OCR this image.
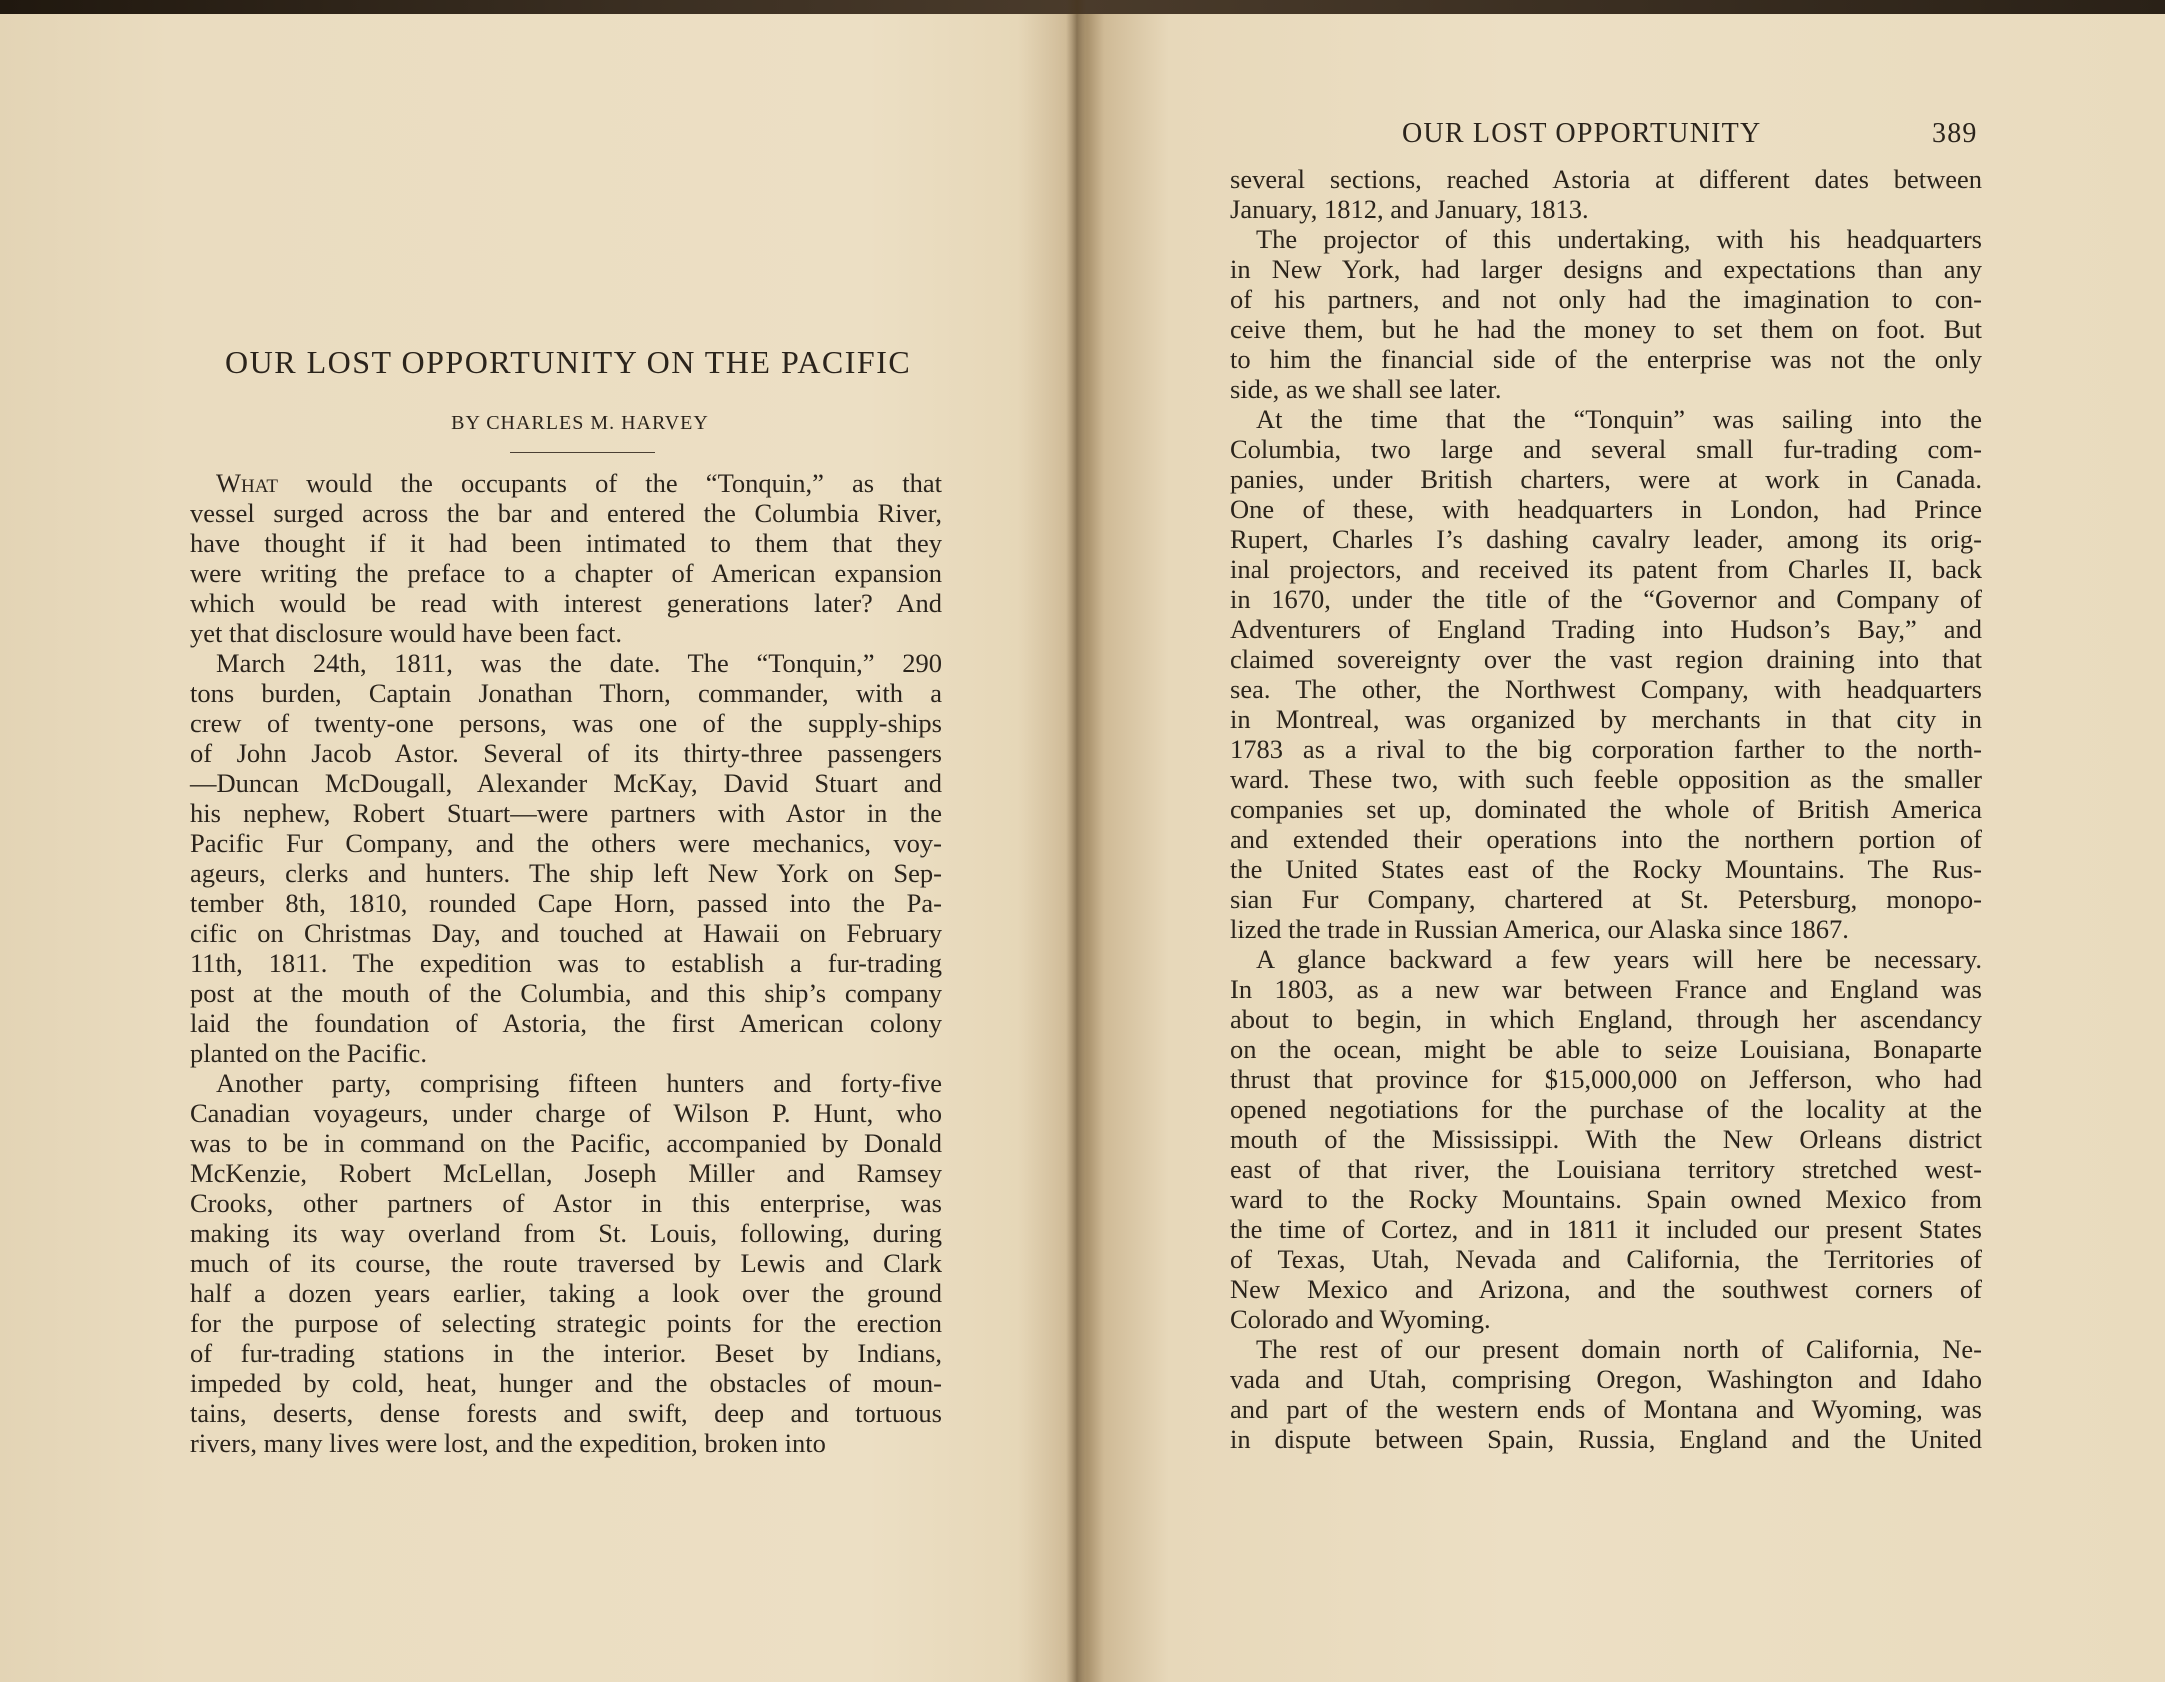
OUR LOST OPPORTUNITY ON THE PACIFIC
BY CHARLES M. HARVEY
What would the occupants of the “Tonquin,” as that
vessel surged across the bar and entered the Columbia River,
have thought if it had been intimated to them that they
were writing the preface to a chapter of American expansion
which would be read with interest generations later? And
yet that disclosure would have been fact.
March 24th, 1811, was the date. The “Tonquin,” 290
tons burden, Captain Jonathan Thorn, commander, with a
crew of twenty-one persons, was one of the supply-ships
of John Jacob Astor. Several of its thirty-three passengers
—Duncan McDougall, Alexander McKay, David Stuart and
his nephew, Robert Stuart—were partners with Astor in the
Pacific Fur Company, and the others were mechanics, voy-
ageurs, clerks and hunters. The ship left New York on Sep-
tember 8th, 1810, rounded Cape Horn, passed into the Pa-
cific on Christmas Day, and touched at Hawaii on February
11th, 1811. The expedition was to establish a fur-trading
post at the mouth of the Columbia, and this ship’s company
laid the foundation of Astoria, the first American colony
planted on the Pacific.
Another party, comprising fifteen hunters and forty-five
Canadian voyageurs, under charge of Wilson P. Hunt, who
was to be in command on the Pacific, accompanied by Donald
McKenzie, Robert McLellan, Joseph Miller and Ramsey
Crooks, other partners of Astor in this enterprise, was
making its way overland from St. Louis, following, during
much of its course, the route traversed by Lewis and Clark
half a dozen years earlier, taking a look over the ground
for the purpose of selecting strategic points for the erection
of fur-trading stations in the interior. Beset by Indians,
impeded by cold, heat, hunger and the obstacles of moun-
tains, deserts, dense forests and swift, deep and tortuous
rivers, many lives were lost, and the expedition, broken into
OUR LOST OPPORTUNITY	389
several sections, reached Astoria at different dates between
January, 1812, and January, 1813.
The projector of this undertaking, with his headquarters
in New York, had larger designs and expectations than any
of his partners, and not only had the imagination to con-
ceive them, but he had the money to set them on foot. But
to him the financial side of the enterprise was not the only
side, as we shall see later.
At the time that the “Tonquin” was sailing into the
Columbia, two large and several small fur-trading com-
panies, under British charters, were at work in Canada.
One of these, with headquarters in London, had Prince
Rupert, Charles I’s dashing cavalry leader, among its orig-
inal projectors, and received its patent from Charles II, back
in 1670, under the title of the “Governor and Company of
Adventurers of England Trading into Hudson’s Bay,” and
claimed sovereignty over the vast region draining into that
sea. The other, the Northwest Company, with headquarters
in Montreal, was organized by merchants in that city in
1783 as a rival to the big corporation farther to the north-
ward. These two, with such feeble opposition as the smaller
companies set up, dominated the whole of British America
and extended their operations into the northern portion of
the United States east of the Rocky Mountains. The Rus-
sian Fur Company, chartered at St. Petersburg, monopo-
lized the trade in Russian America, our Alaska since 1867.
A glance backward a few years will here be necessary.
In 1803, as a new war between France and England was
about to begin, in which England, through her ascendancy
on the ocean, might be able to seize Louisiana, Bonaparte
thrust that province for $15,000,000 on Jefferson, who had
opened negotiations for the purchase of the locality at the
mouth of the Mississippi. With the New Orleans district
east of that river, the Louisiana territory stretched west-
ward to the Rocky Mountains. Spain owned Mexico from
the time of Cortez, and in 1811 it included our present States
of Texas, Utah, Nevada and California, the Territories of
New Mexico and Arizona, and the southwest corners of
Colorado and Wyoming.
The rest of our present domain north of California, Ne-
vada and Utah, comprising Oregon, Washington and Idaho
and part of the western ends of Montana and Wyoming, was
in dispute between Spain, Russia, England and the United
